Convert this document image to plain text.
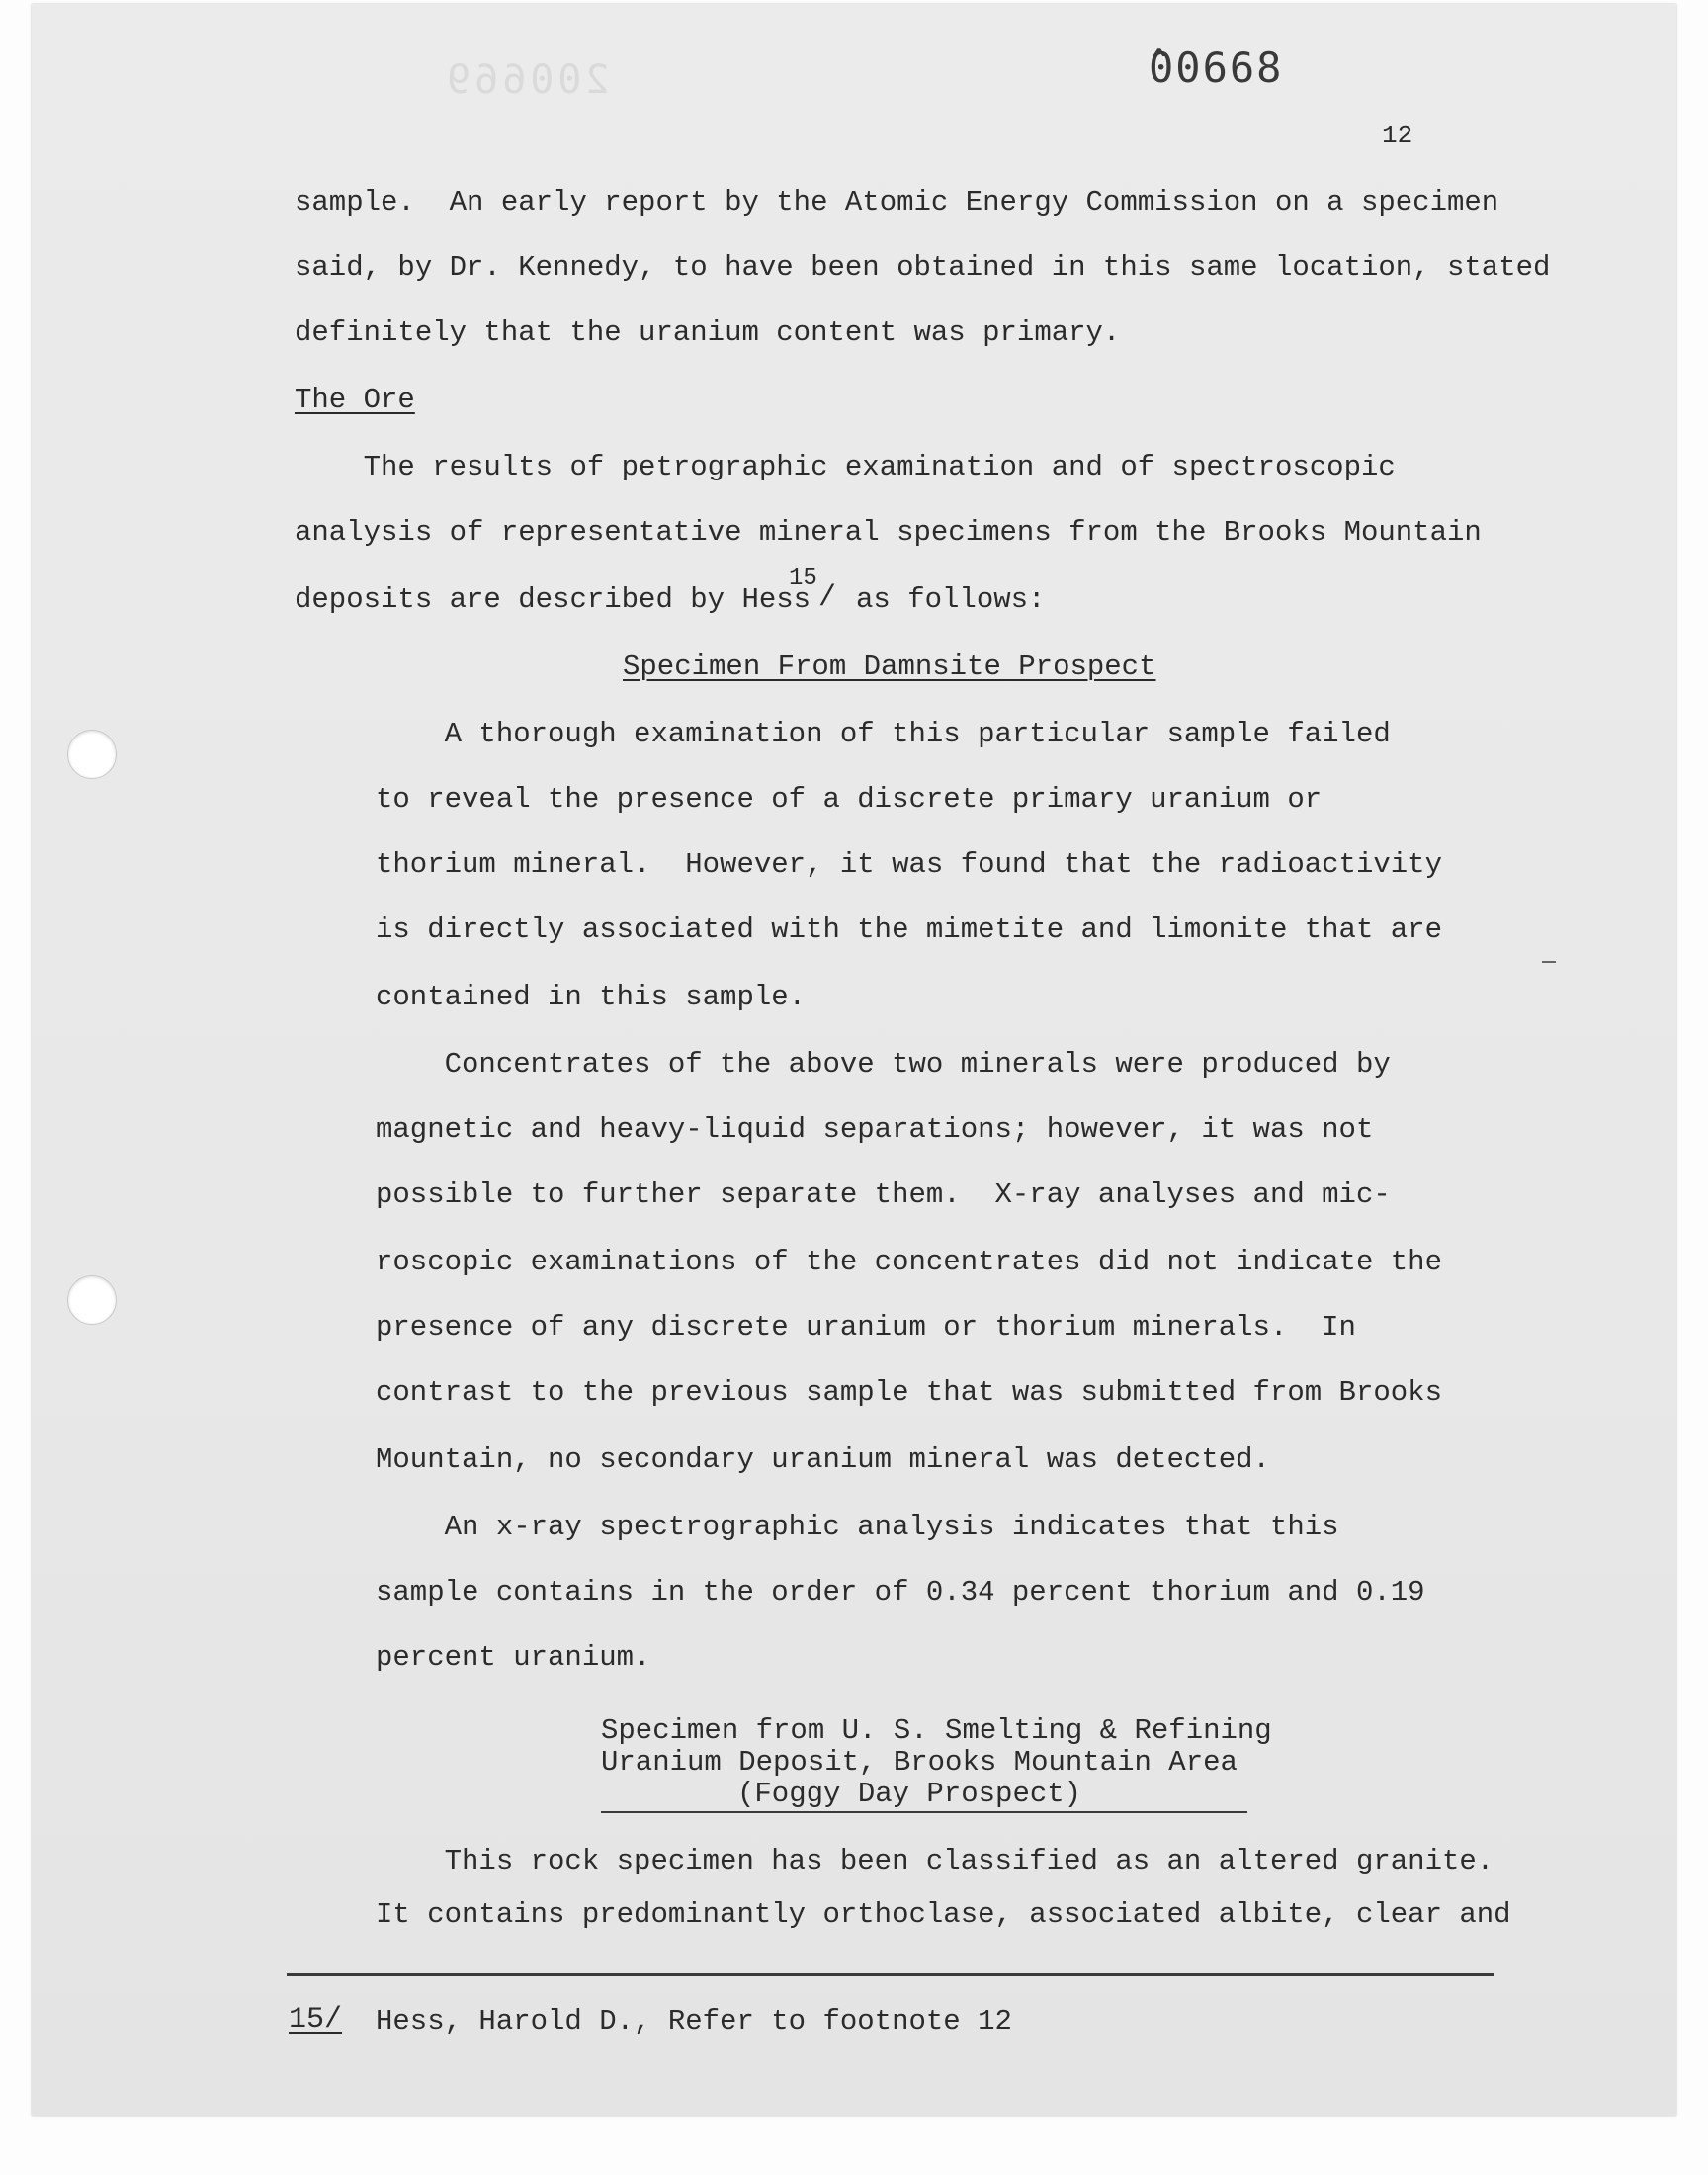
200669	̂00668
12
sample.  An early report by the Atomic Energy Commission on a specimen
said, by Dr. Kennedy, to have been obtained in this same location, stated
definitely that the uranium content was primary.
The Ore
The results of petrographic examination and of spectroscopic
analysis of representative mineral specimens from the Brooks Mountain
deposits are described by Hess
15
/ as follows:
Specimen From Damnsite Prospect
A thorough examination of this particular sample failed
to reveal the presence of a discrete primary uranium or
thorium mineral.  However, it was found that the radioactivity
is directly associated with the mimetite and limonite that are
contained in this sample.
Concentrates of the above two minerals were produced by
magnetic and heavy-liquid separations; however, it was not
possible to further separate them.  X-ray analyses and mic-
roscopic examinations of the concentrates did not indicate the
presence of any discrete uranium or thorium minerals.  In
contrast to the previous sample that was submitted from Brooks
Mountain, no secondary uranium mineral was detected.
An x-ray spectrographic analysis indicates that this
sample contains in the order of 0.34 percent thorium and 0.19
percent uranium.
Specimen from U. S. Smelting & Refining
Uranium Deposit, Brooks Mountain Area
(Foggy Day Prospect)
This rock specimen has been classified as an altered granite.
It contains predominantly orthoclase, associated albite, clear and
15/ Hess, Harold D., Refer to footnote 12
